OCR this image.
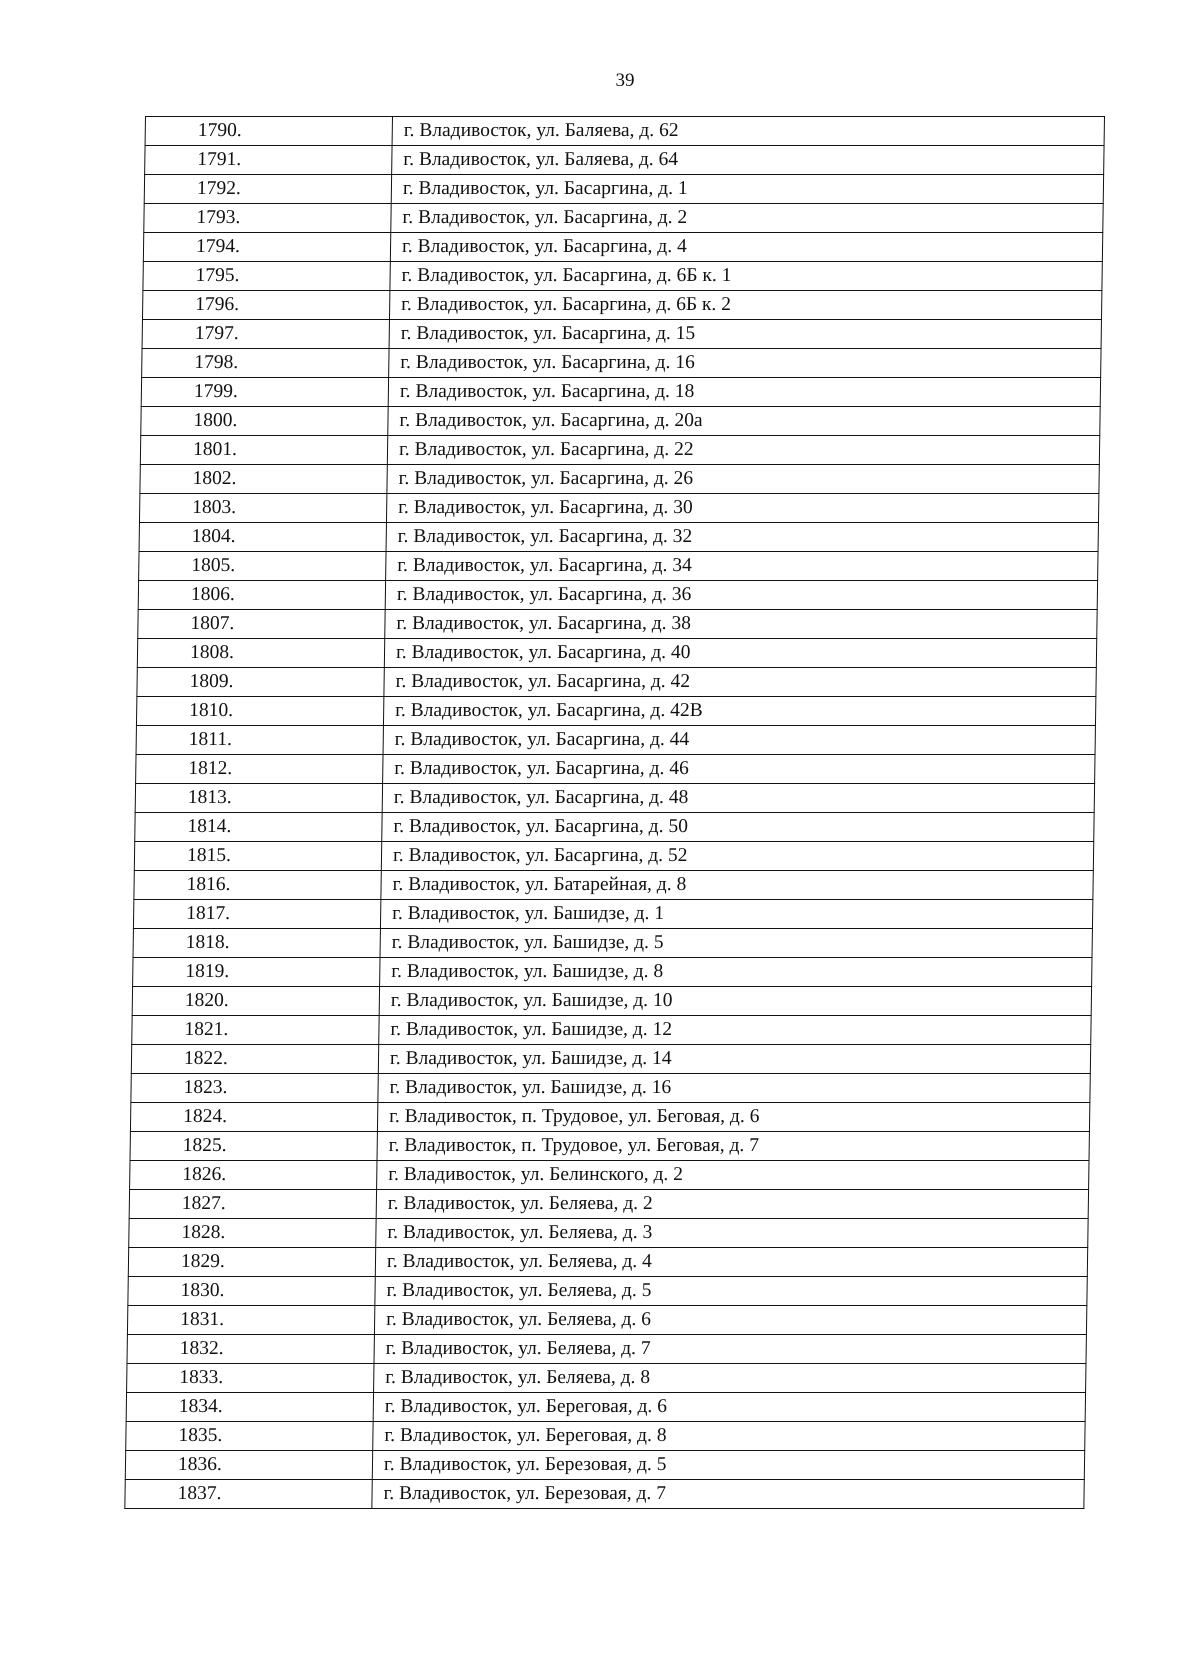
39
1790.	г. Владивосток, ул. Баляева, д. 62
1791.	г. Владивосток, ул. Баляева, д. 64
1792.	г. Владивосток, ул. Басаргина, д. 1
1793.	г. Владивосток, ул. Басаргина, д. 2
1794.	г. Владивосток, ул. Басаргина, д. 4
1795.	г. Владивосток, ул. Басаргина, д. 6Б к. 1
1796.	г. Владивосток, ул. Басаргина, д. 6Б к. 2
1797.	г. Владивосток, ул. Басаргина, д. 15
1798.	г. Владивосток, ул. Басаргина, д. 16
1799.	г. Владивосток, ул. Басаргина, д. 18
1800.	г. Владивосток, ул. Басаргина, д. 20а
1801.	г. Владивосток, ул. Басаргина, д. 22
1802.	г. Владивосток, ул. Басаргина, д. 26
1803.	г. Владивосток, ул. Басаргина, д. 30
1804.	г. Владивосток, ул. Басаргина, д. 32
1805.	г. Владивосток, ул. Басаргина, д. 34
1806.	г. Владивосток, ул. Басаргина, д. 36
1807.	г. Владивосток, ул. Басаргина, д. 38
1808.	г. Владивосток, ул. Басаргина, д. 40
1809.	г. Владивосток, ул. Басаргина, д. 42
1810.	г. Владивосток, ул. Басаргина, д. 42В
1811.	г. Владивосток, ул. Басаргина, д. 44
1812.	г. Владивосток, ул. Басаргина, д. 46
1813.	г. Владивосток, ул. Басаргина, д. 48
1814.	г. Владивосток, ул. Басаргина, д. 50
1815.	г. Владивосток, ул. Басаргина, д. 52
1816.	г. Владивосток, ул. Батарейная, д. 8
1817.	г. Владивосток, ул. Башидзе, д. 1
1818.	г. Владивосток, ул. Башидзе, д. 5
1819.	г. Владивосток, ул. Башидзе, д. 8
1820.	г. Владивосток, ул. Башидзе, д. 10
1821.	г. Владивосток, ул. Башидзе, д. 12
1822.	г. Владивосток, ул. Башидзе, д. 14
1823.	г. Владивосток, ул. Башидзе, д. 16
1824.	г. Владивосток, п. Трудовое, ул. Беговая, д. 6
1825.	г. Владивосток, п. Трудовое, ул. Беговая, д. 7
1826.	г. Владивосток, ул. Белинского, д. 2
1827.	г. Владивосток, ул. Беляева, д. 2
1828.	г. Владивосток, ул. Беляева, д. 3
1829.	г. Владивосток, ул. Беляева, д. 4
1830.	г. Владивосток, ул. Беляева, д. 5
1831.	г. Владивосток, ул. Беляева, д. 6
1832.	г. Владивосток, ул. Беляева, д. 7
1833.	г. Владивосток, ул. Беляева, д. 8
1834.	г. Владивосток, ул. Береговая, д. 6
1835.	г. Владивосток, ул. Береговая, д. 8
1836.	г. Владивосток, ул. Березовая, д. 5
1837.	г. Владивосток, ул. Березовая, д. 7
